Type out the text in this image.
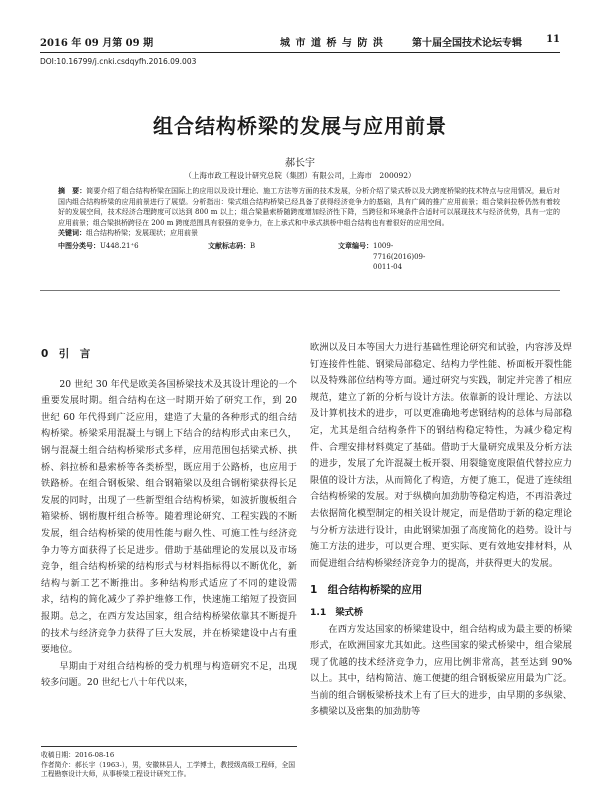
2016 年 09 月第 09 期	城 市 道 桥 与 防 洪	第十届全国技术论坛专辑 11
DOI:10.16799/j.cnki.csdqyfh.2016.09.003
组合结构桥梁的发展与应用前景
郝长宇
（上海市政工程设计研究总院（集团）有限公司，上海市　200092）
摘　要：简要介绍了组合结构桥梁在国际上的应用以及设计理论、施工方法等方面的技术发展，分析介绍了梁式桥以及大跨度桥梁的技术特点与应用情况，最后对国内组合结构桥梁的应用前景进行了展望。分析指出：梁式组合结构桥梁已经具备了获得经济竞争力的基础，具有广阔的推广应用前景；组合梁斜拉桥仍然有着较好的发展空间，技术经济合理跨度可以达到 800 m 以上；组合梁悬索桥随跨度增加经济性下降，当跨径和环境条件合适时可以展现技术与经济优势，具有一定的应用前景；组合梁拱桥跨径在 200 m 跨度范围具有很强的竞争力，在上承式和中承式拱桥中组合结构也有着很好的应用空间。
关键词：组合结构桥梁；发展现状；应用前景
中图分类号： U448.21⁺6	文献标志码： B	文章编号： 1009-7716(2016)09-0011-04
0　引　言

20 世纪 30 年代是欧美各国桥梁技术及其设计理论的一个重要发展时期。组合结构在这一时期开始了研究工作，到 20 世纪 60 年代得到广泛应用，建造了大量的各种形式的组合结构桥梁。桥梁采用混凝土与钢上下结合的结构形式由来已久，钢与混凝土组合结构桥梁形式多样，应用范围包括梁式桥、拱桥、斜拉桥和悬索桥等各类桥型，既应用于公路桥，也应用于铁路桥。在组合钢板梁、组合钢箱梁以及组合钢桁梁获得长足发展的同时，出现了一些新型组合结构桥梁，如波折腹板组合箱梁桥、钢桁腹杆组合桥等。随着理论研究、工程实践的不断发展，组合结构桥梁的使用性能与耐久性、可施工性与经济竞争力等方面获得了长足进步。借助于基础理论的发展以及市场竞争，组合结构桥梁的结构形式与材料指标得以不断优化，新结构与新工艺不断推出。多种结构形式适应了不同的建设需求，结构的简化减少了养护维修工作，快速施工缩短了投资回报期。总之，在西方发达国家，组合结构桥梁依靠其不断提升的技术与经济竞争力获得了巨大发展，并在桥梁建设中占有重要地位。

早期由于对组合结构桥的受力机理与构造研究不足，出现较多问题。20 世纪七八十年代以来，

收稿日期：2016-08-16
作者简介：郝长宇（1963-），男，安徽林县人，工学博士，教授级高级工程师，全国工程勘察设计大师，从事桥梁工程设计研究工作。

欧洲以及日本等国大力进行基础性理论研究和试验，内容涉及焊钉连接件性能、钢梁局部稳定、结构力学性能、桥面板开裂性能以及特殊部位结构等方面。通过研究与实践，制定并完善了相应规范，建立了新的分析与设计方法。依靠新的设计理论、方法以及计算机技术的进步，可以更准确地考虑钢结构的总体与局部稳定，尤其是组合结构条件下的钢结构稳定特性，为减少稳定构件、合理安排材料奠定了基础。借助于大量研究成果及分析方法的进步，发展了允许混凝土板开裂、用裂缝宽度限值代替拉应力限值的设计方法，从而简化了构造，方便了施工，促进了连续组合结构桥梁的发展。对于纵横向加劲肋等稳定构造，不再沿袭过去依据简化模型制定的相关设计规定，而是借助于新的稳定理论与分析方法进行设计，由此钢梁加强了高度简化的趋势。设计与施工方法的进步，可以更合理、更实际、更有效地安排材料，从而促进组合结构桥梁经济竞争力的提高，并获得更大的发展。

1　组合结构桥梁的应用
1.1　梁式桥

在西方发达国家的桥梁建设中，组合结构成为最主要的桥梁形式，在欧洲国家尤其如此。这些国家的梁式桥梁中，组合梁展现了优越的技术经济竞争力，应用比例非常高，甚至达到 90%以上。其中，结构简洁、施工便捷的组合钢板梁应用最为广泛。当前的组合钢板梁桥技术上有了巨大的进步，由早期的多纵梁、多横梁以及密集的加劲肋等
